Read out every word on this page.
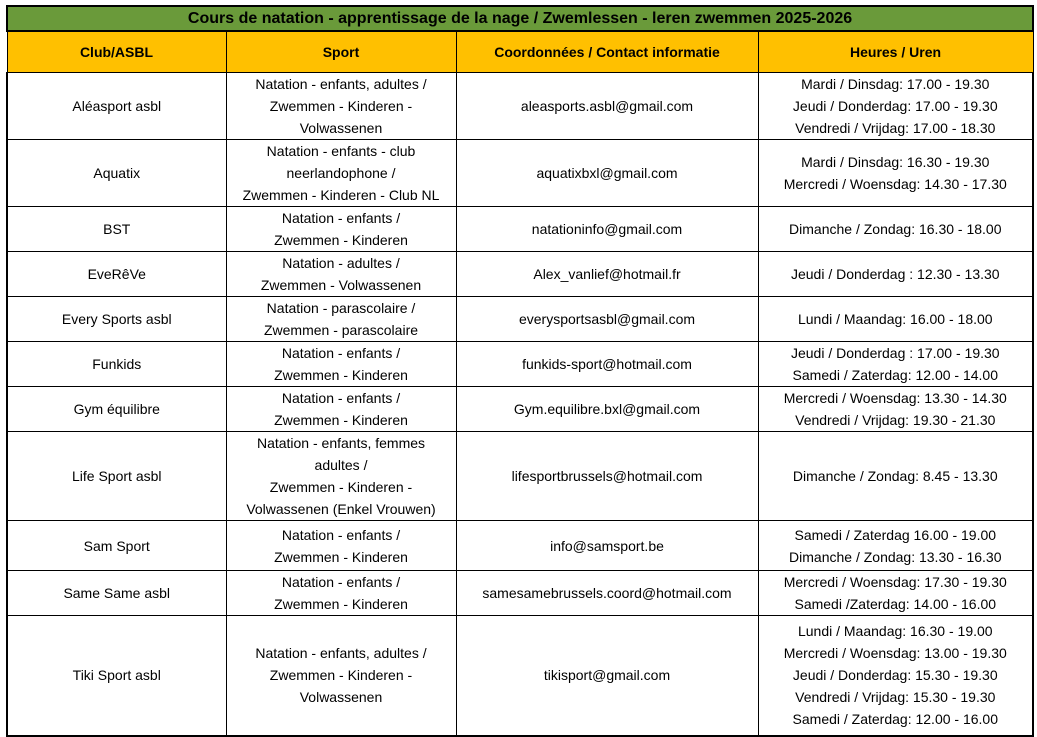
Cours de natation - apprentissage de la nage / Zwemlessen - leren zwemmen 2025-2026			
Club/ASBL	Sport	Coordonnées / Contact informatie	Heures / Uren
Aléasport asbl	Natation - enfants, adultes /
Zwemmen - Kinderen -
Volwassenen	aleasports.asbl@gmail.com	Mardi / Dinsdag: 17.00 - 19.30
Jeudi / Donderdag: 17.00 - 19.30
Vendredi / Vrijdag: 17.00 - 18.30

Aquatix	Natation - enfants - club
neerlandophone /
Zwemmen - Kinderen - Club NL	aquatixbxl@gmail.com	Mardi / Dinsdag: 16.30 - 19.30
Mercredi / Woensdag: 14.30 - 17.30

BST	Natation - enfants /
Zwemmen - Kinderen	natationinfo@gmail.com	Dimanche / Zondag: 16.30 - 18.00

EveRêVe	Natation - adultes /
Zwemmen - Volwassenen	Alex_vanlief@hotmail.fr	Jeudi / Donderdag : 12.30 - 13.30

Every Sports asbl	Natation - parascolaire /
Zwemmen - parascolaire	everysportsasbl@gmail.com	Lundi / Maandag: 16.00 - 18.00

Funkids	Natation - enfants /
Zwemmen - Kinderen	funkids-sport@hotmail.com	Jeudi / Donderdag : 17.00 - 19.30
Samedi / Zaterdag: 12.00 - 14.00

Gym équilibre	Natation - enfants /
Zwemmen - Kinderen	Gym.equilibre.bxl@gmail.com	Mercredi / Woensdag: 13.30 - 14.30
Vendredi / Vrijdag: 19.30 - 21.30

Life Sport asbl	Natation - enfants, femmes
adultes /
Zwemmen - Kinderen -
Volwassenen (Enkel Vrouwen)	lifesportbrussels@hotmail.com	Dimanche / Zondag: 8.45 - 13.30

Sam Sport	Natation - enfants /
Zwemmen - Kinderen	info@samsport.be	Samedi / Zaterdag 16.00 - 19.00
Dimanche / Zondag: 13.30 - 16.30

Same Same asbl	Natation - enfants /
Zwemmen - Kinderen	samesamebrussels.coord@hotmail.com	Mercredi / Woensdag: 17.30 - 19.30
Samedi /Zaterdag: 14.00 - 16.00

Tiki Sport asbl	Natation - enfants, adultes /
Zwemmen - Kinderen -
Volwassenen	tikisport@gmail.com	Lundi / Maandag: 16.30 - 19.00
Mercredi / Woensdag: 13.00 - 19.30
Jeudi / Donderdag: 15.30 - 19.30
Vendredi / Vrijdag: 15.30 - 19.30
Samedi / Zaterdag: 12.00 - 16.00
